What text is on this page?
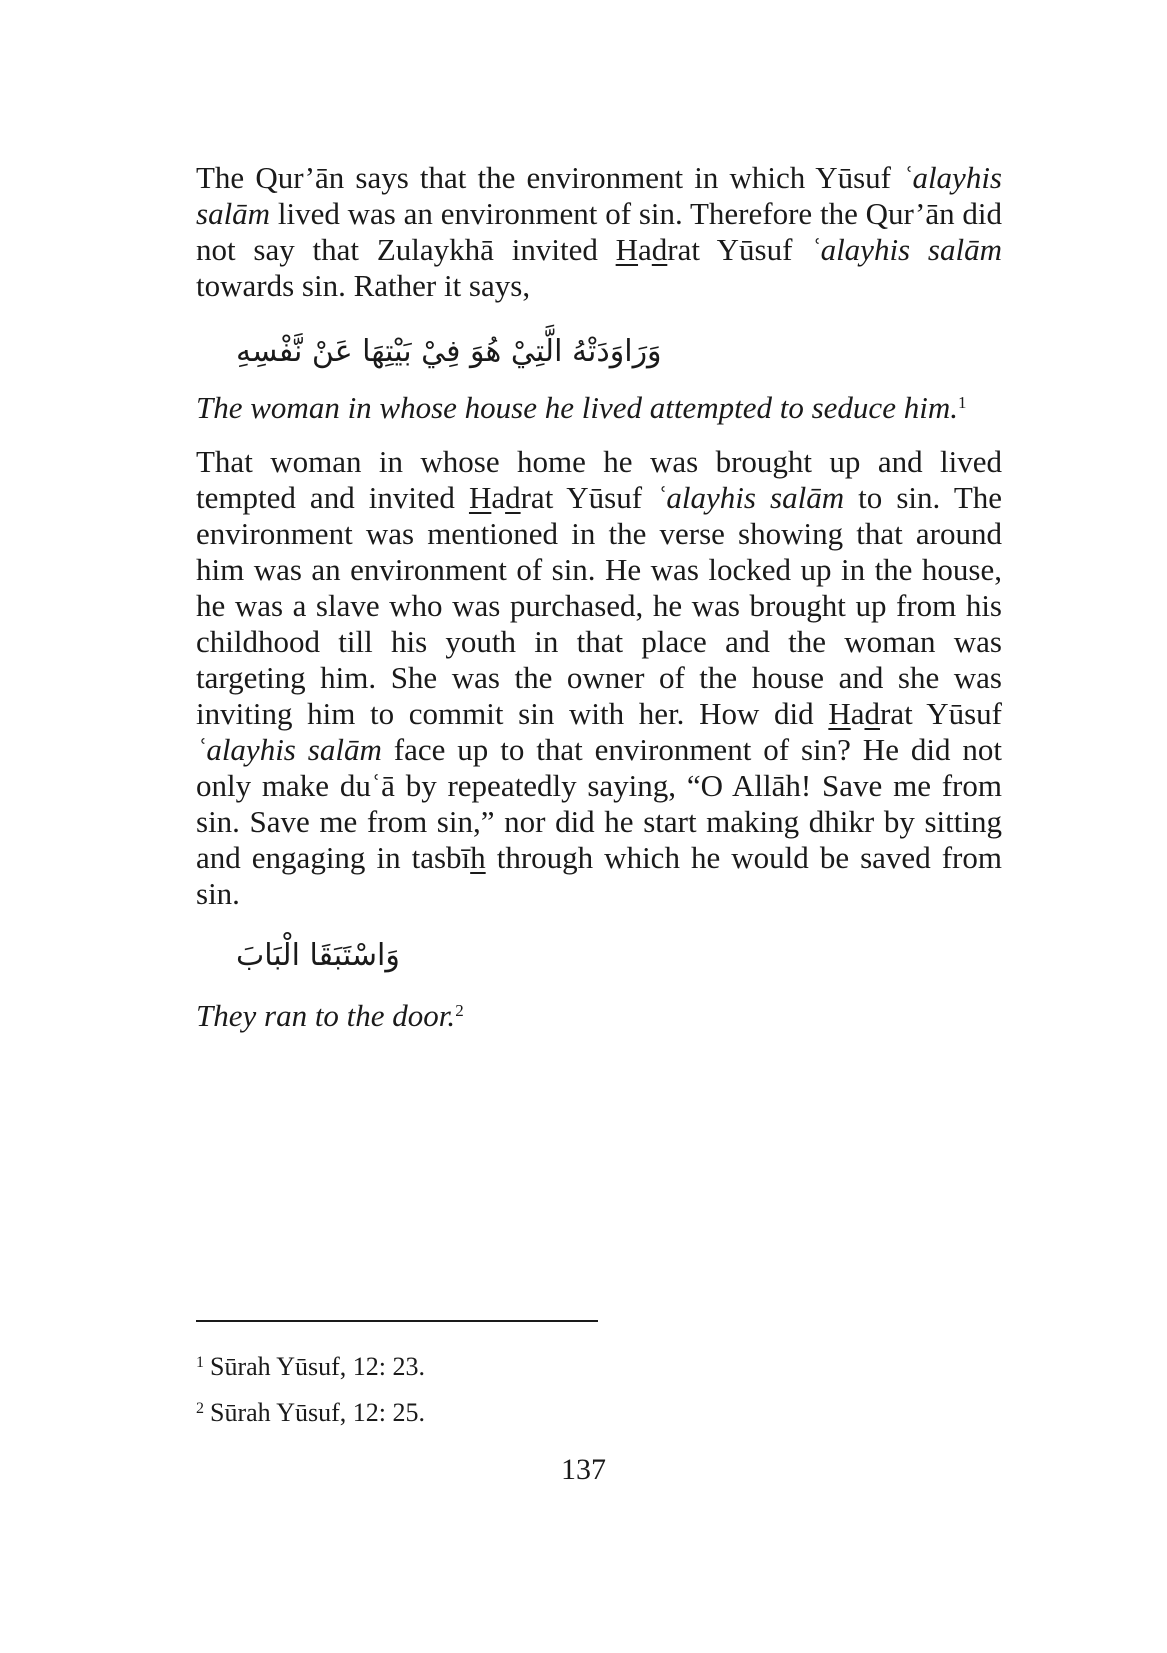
The Qur’ān says that the environment in which Yūsuf ʿalayhis salām lived was an environment of sin. Therefore the Qur’ān did not say that Zulaykhā invited Hadrat Yūsuf ʿalayhis salām towards sin. Rather it says,

وَرَاوَدَتْهُ الَّتِيْ هُوَ فِيْ بَيْتِهَا عَنْ نَّفْسِهِ

The woman in whose house he lived attempted to seduce him.$^1$

That woman in whose home he was brought up and lived tempted and invited Hadrat Yūsuf ʿalayhis salām to sin. The environment was mentioned in the verse showing that around him was an environment of sin. He was locked up in the house, he was a slave who was purchased, he was brought up from his childhood till his youth in that place and the woman was targeting him. She was the owner of the house and she was inviting him to commit sin with her. How did Hadrat Yūsuf ʿalayhis salām face up to that environment of sin? He did not only make duʿā by repeatedly saying, “O Allāh! Save me from sin. Save me from sin,” nor did he start making dhikr by sitting and engaging in tasbīh through which he would be saved from sin.

وَاسْتَبَقَا الْبَابَ

They ran to the door.$^2$

$^1$ Sūrah Yūsuf, 12: 23.
$^2$ Sūrah Yūsuf, 12: 25.
137
